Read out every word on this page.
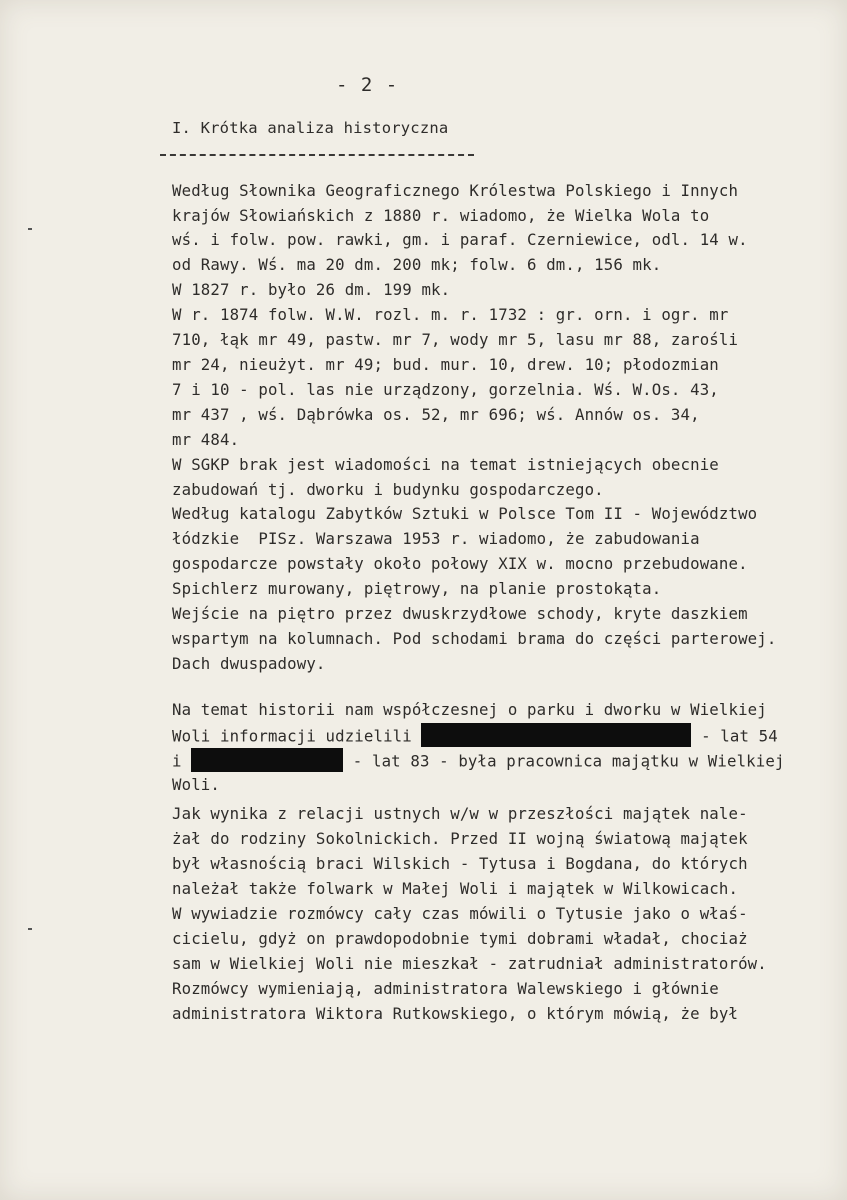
- 2 -
I. Krótka analiza historyczna
Według Słownika Geograficznego Królestwa Polskiego i Innych
krajów Słowiańskich z 1880 r. wiadomo, że Wielka Wola to
wś. i folw. pow. rawki, gm. i paraf. Czerniewice, odl. 14 w.
od Rawy. Wś. ma 20 dm. 200 mk; folw. 6 dm., 156 mk.
W 1827 r. było 26 dm. 199 mk.
W r. 1874 folw. W.W. rozl. m. r. 1732 : gr. orn. i ogr. mr
710, łąk mr 49, pastw. mr 7, wody mr 5, lasu mr 88, zarośli
mr 24, nieużyt. mr 49; bud. mur. 10, drew. 10; płodozmian
7 i 10 - pol. las nie urządzony, gorzelnia. Wś. W.Os. 43,
mr 437 , wś. Dąbrówka os. 52, mr 696; wś. Annów os. 34,
mr 484.
W SGKP brak jest wiadomości na temat istniejących obecnie
zabudowań tj. dworku i budynku gospodarczego.
Według katalogu Zabytków Sztuki w Polsce Tom II - Województwo
łódzkie  PISz. Warszawa 1953 r. wiadomo, że zabudowania
gospodarcze powstały około połowy XIX w. mocno przebudowane.
Spichlerz murowany, piętrowy, na planie prostokąta.
Wejście na piętro przez dwuskrzydłowe schody, kryte daszkiem
wspartym na kolumnach. Pod schodami brama do części parterowej.
Dach dwuspadowy.
Na temat historii nam współczesnej o parku i dworku w Wielkiej
Woli informacji udzielili	- lat 54
i	- lat 83 - była pracownica majątku w Wielkiej
Woli.
Jak wynika z relacji ustnych w/w w przeszłości majątek nale-
żał do rodziny Sokolnickich. Przed II wojną światową majątek
był własnością braci Wilskich - Tytusa i Bogdana, do których
należał także folwark w Małej Woli i majątek w Wilkowicach.
W wywiadzie rozmówcy cały czas mówili o Tytusie jako o właś-
cicielu, gdyż on prawdopodobnie tymi dobrami władał, chociaż
sam w Wielkiej Woli nie mieszkał - zatrudniał administratorów.
Rozmówcy wymieniają, administratora Walewskiego i głównie
administratora Wiktora Rutkowskiego, o którym mówią, że był
